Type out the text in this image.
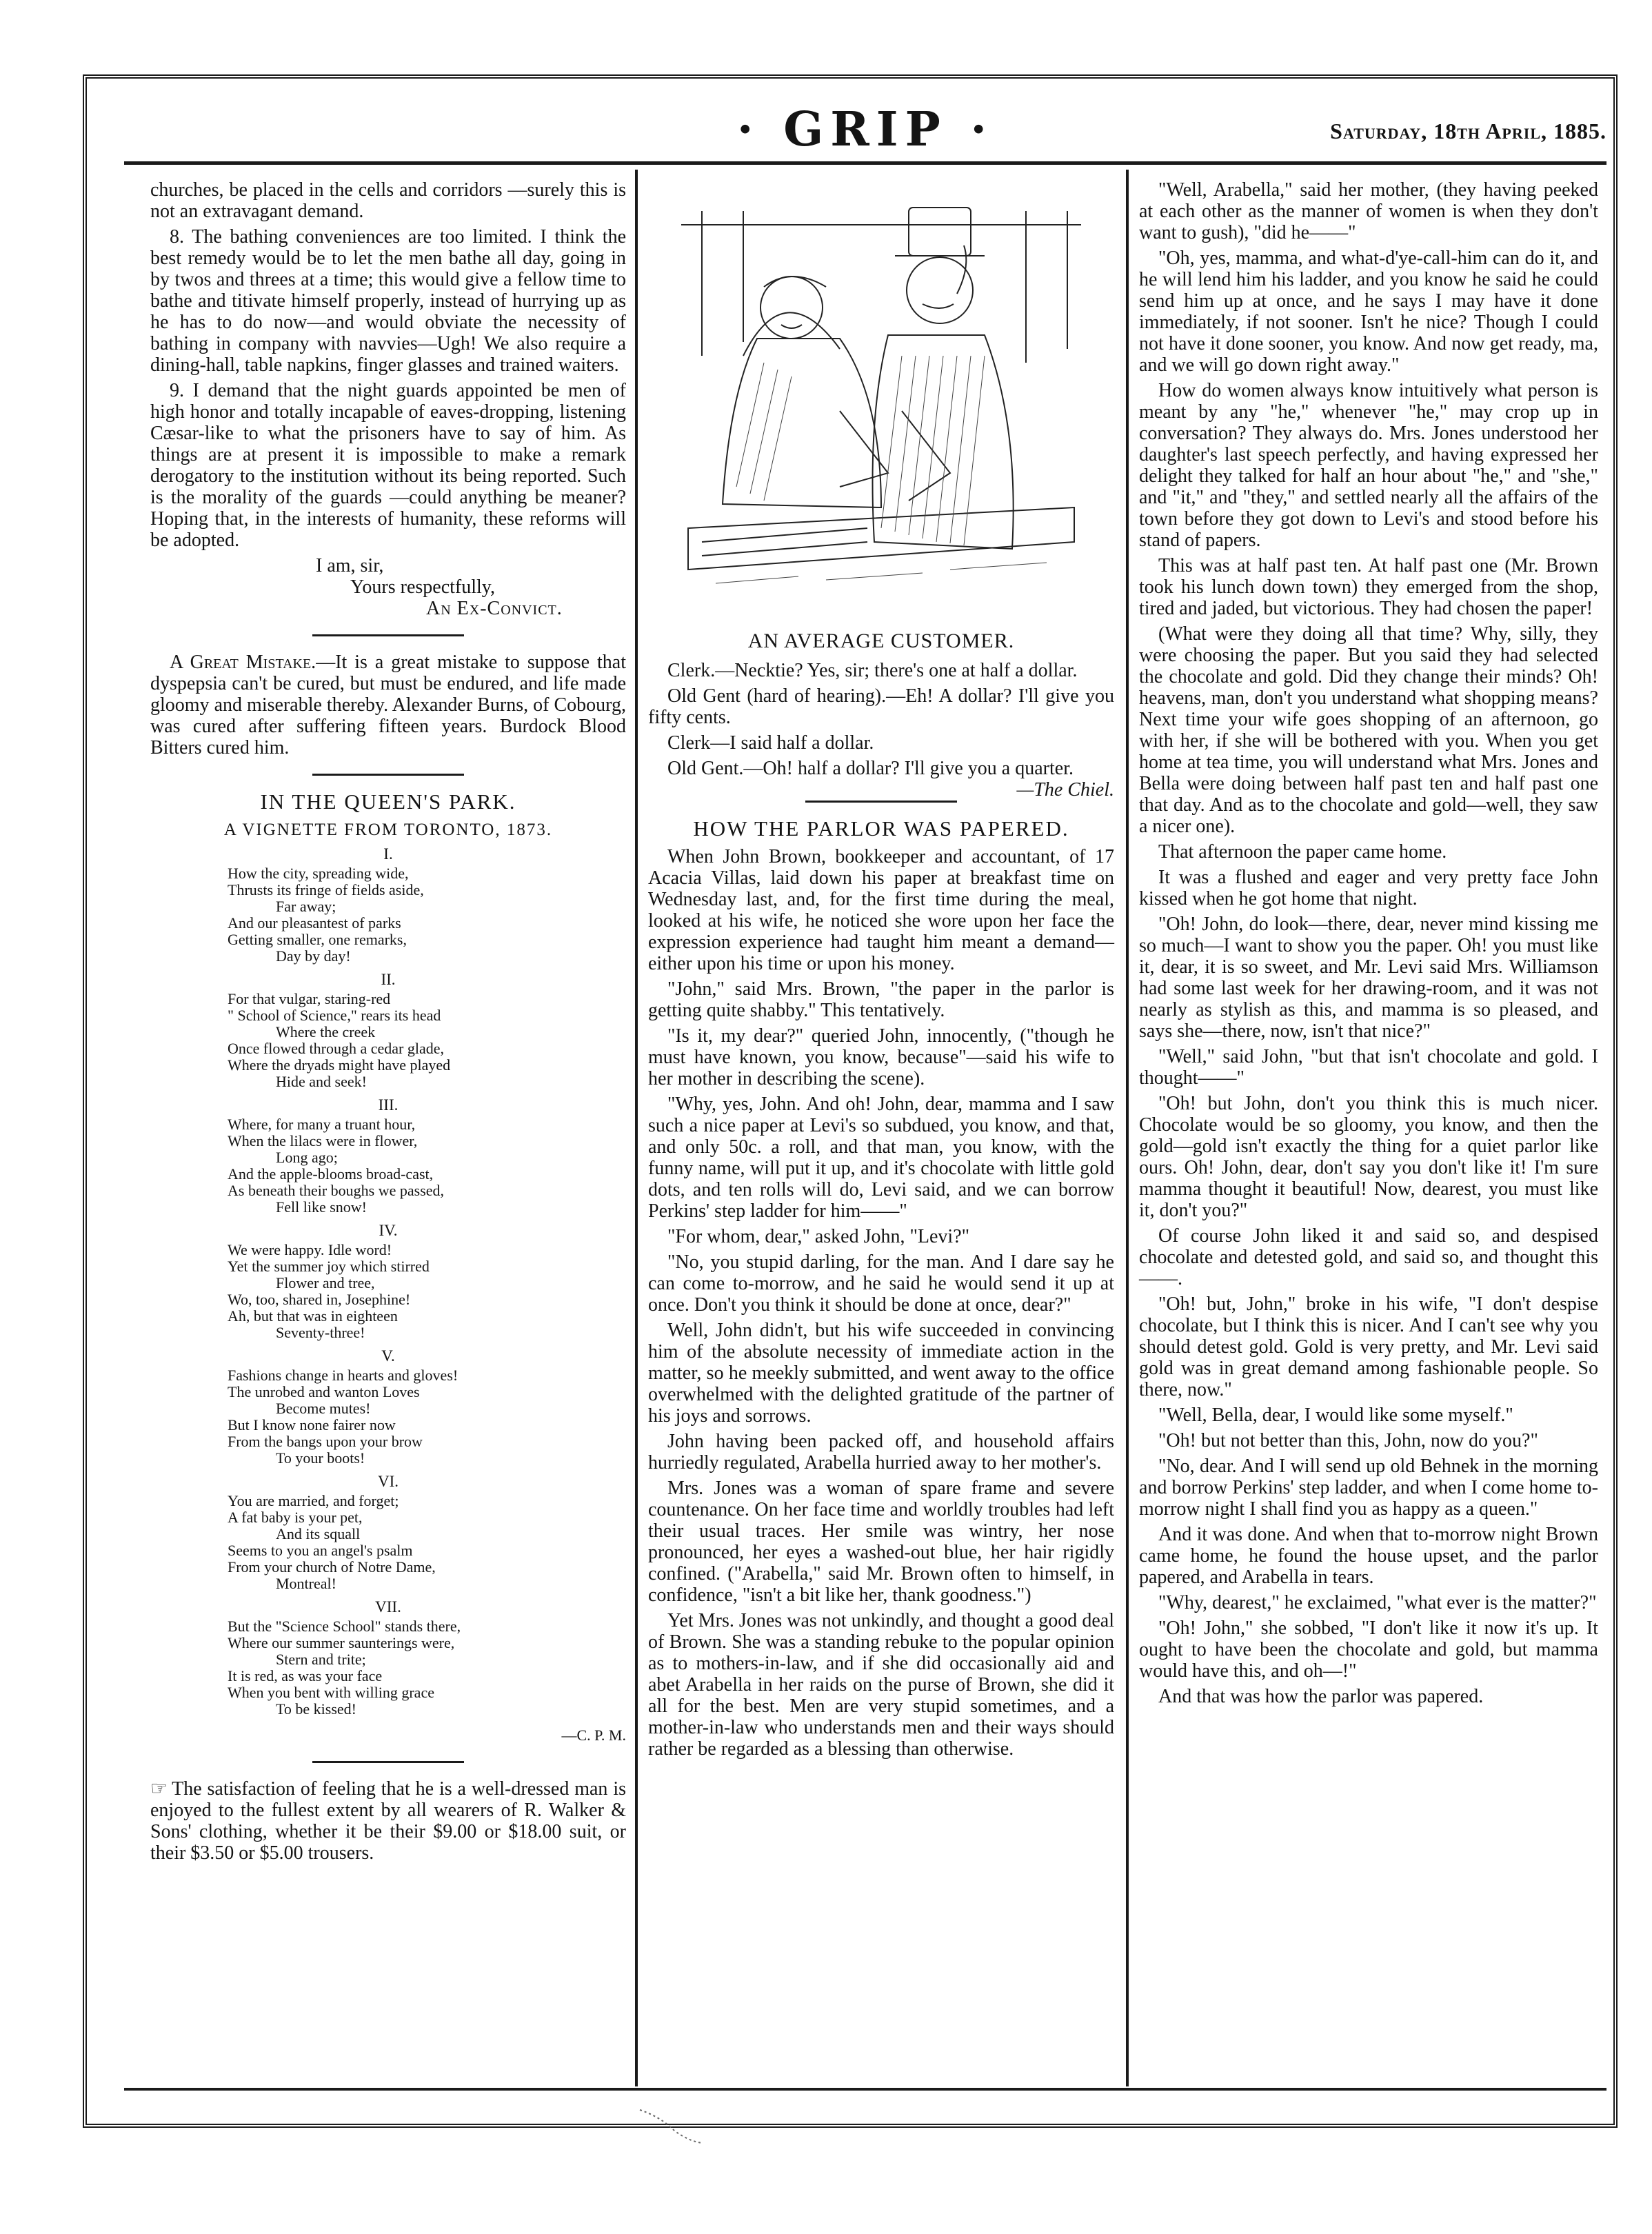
· GRIP ·	Saturday, 18th April, 1885.

churches, be placed in the cells and corridors —surely this is not an extravagant demand.

8. The bathing conveniences are too limited. I think the best remedy would be to let the men bathe all day, going in by twos and threes at a time; this would give a fellow time to bathe and titivate himself properly, instead of hurrying up as he has to do now—and would obviate the necessity of bathing in company with navvies—Ugh! We also require a dining-hall, table napkins, finger glasses and trained waiters.

9. I demand that the night guards appointed be men of high honor and totally incapable of eaves-dropping, listening Cæsar-like to what the prisoners have to say of him. As things are at present it is impossible to make a remark derogatory to the institution without its being reported. Such is the morality of the guards —could anything be meaner? Hoping that, in the interests of humanity, these reforms will be adopted.

I am, sir,
Yours respectfully,
An Ex-Convict.

A Great Mistake.—It is a great mistake to suppose that dyspepsia can't be cured, but must be endured, and life made gloomy and miserable thereby. Alexander Burns, of Cobourg, was cured after suffering fifteen years. Burdock Blood Bitters cured him.

IN THE QUEEN'S PARK.
A VIGNETTE FROM TORONTO, 1873.
I.
How the city, spreading wide,
Thrusts its fringe of fields aside,
Far away;
And our pleasantest of parks
Getting smaller, one remarks,
Day by day!
II.
For that vulgar, staring-red
" School of Science," rears its head
Where the creek
Once flowed through a cedar glade,
Where the dryads might have played
Hide and seek!
III.
Where, for many a truant hour,
When the lilacs were in flower,
Long ago;
And the apple-blooms broad-cast,
As beneath their boughs we passed,
Fell like snow!
IV.
We were happy. Idle word!
Yet the summer joy which stirred
Flower and tree,
Wo, too, shared in, Josephine!
Ah, but that was in eighteen
Seventy-three!
V.
Fashions change in hearts and gloves!
The unrobed and wanton Loves
Become mutes!
But I know none fairer now
From the bangs upon your brow
To your boots!
VI.
You are married, and forget;
A fat baby is your pet,
And its squall
Seems to you an angel's psalm
From your church of Notre Dame,
Montreal!
VII.
But the "Science School" stands there,
Where our summer saunterings were,
Stern and trite;
It is red, as was your face
When you bent with willing grace
To be kissed!
—C. P. M.

☞ The satisfaction of feeling that he is a well-dressed man is enjoyed to the fullest extent by all wearers of R. Walker & Sons' clothing, whether it be their $9.00 or $18.00 suit, or their $3.50 or $5.00 trousers.

AN AVERAGE CUSTOMER.

Clerk.—Necktie? Yes, sir; there's one at half a dollar.

Old Gent (hard of hearing).—Eh! A dollar? I'll give you fifty cents.

Clerk—I said half a dollar.

Old Gent.—Oh! half a dollar? I'll give you a quarter.
—The Chiel.

HOW THE PARLOR WAS PAPERED.

When John Brown, bookkeeper and accountant, of 17 Acacia Villas, laid down his paper at breakfast time on Wednesday last, and, for the first time during the meal, looked at his wife, he noticed she wore upon her face the expression experience had taught him meant a demand—either upon his time or upon his money.

"John," said Mrs. Brown, "the paper in the parlor is getting quite shabby." This tentatively.

"Is it, my dear?" queried John, innocently, ("though he must have known, you know, because"—said his wife to her mother in describing the scene).

"Why, yes, John. And oh! John, dear, mamma and I saw such a nice paper at Levi's so subdued, you know, and that, and only 50c. a roll, and that man, you know, with the funny name, will put it up, and it's chocolate with little gold dots, and ten rolls will do, Levi said, and we can borrow Perkins' step ladder for him——"

"For whom, dear," asked John, "Levi?"

"No, you stupid darling, for the man. And I dare say he can come to-morrow, and he said he would send it up at once. Don't you think it should be done at once, dear?"

Well, John didn't, but his wife succeeded in convincing him of the absolute necessity of immediate action in the matter, so he meekly submitted, and went away to the office overwhelmed with the delighted gratitude of the partner of his joys and sorrows.

John having been packed off, and household affairs hurriedly regulated, Arabella hurried away to her mother's.

Mrs. Jones was a woman of spare frame and severe countenance. On her face time and worldly troubles had left their usual traces. Her smile was wintry, her nose pronounced, her eyes a washed-out blue, her hair rigidly confined. ("Arabella," said Mr. Brown often to himself, in confidence, "isn't a bit like her, thank goodness.")

Yet Mrs. Jones was not unkindly, and thought a good deal of Brown. She was a standing rebuke to the popular opinion as to mothers-in-law, and if she did occasionally aid and abet Arabella in her raids on the purse of Brown, she did it all for the best. Men are very stupid sometimes, and a mother-in-law who understands men and their ways should rather be regarded as a blessing than otherwise.

"Well, Arabella," said her mother, (they having peeked at each other as the manner of women is when they don't want to gush), "did he——"

"Oh, yes, mamma, and what-d'ye-call-him can do it, and he will lend him his ladder, and you know he said he could send him up at once, and he says I may have it done immediately, if not sooner. Isn't he nice? Though I could not have it done sooner, you know. And now get ready, ma, and we will go down right away."

How do women always know intuitively what person is meant by any "he," whenever "he," may crop up in conversation? They always do. Mrs. Jones understood her daughter's last speech perfectly, and having expressed her delight they talked for half an hour about "he," and "she," and "it," and "they," and settled nearly all the affairs of the town before they got down to Levi's and stood before his stand of papers.

This was at half past ten. At half past one (Mr. Brown took his lunch down town) they emerged from the shop, tired and jaded, but victorious. They had chosen the paper!

(What were they doing all that time? Why, silly, they were choosing the paper. But you said they had selected the chocolate and gold. Did they change their minds? Oh! heavens, man, don't you understand what shopping means? Next time your wife goes shopping of an afternoon, go with her, if she will be bothered with you. When you get home at tea time, you will understand what Mrs. Jones and Bella were doing between half past ten and half past one that day. And as to the chocolate and gold—well, they saw a nicer one).

That afternoon the paper came home.

It was a flushed and eager and very pretty face John kissed when he got home that night.

"Oh! John, do look—there, dear, never mind kissing me so much—I want to show you the paper. Oh! you must like it, dear, it is so sweet, and Mr. Levi said Mrs. Williamson had some last week for her drawing-room, and it was not nearly as stylish as this, and mamma is so pleased, and says she—there, now, isn't that nice?"

"Well," said John, "but that isn't chocolate and gold. I thought——"

"Oh! but John, don't you think this is much nicer. Chocolate would be so gloomy, you know, and then the gold—gold isn't exactly the thing for a quiet parlor like ours. Oh! John, dear, don't say you don't like it! I'm sure mamma thought it beautiful! Now, dearest, you must like it, don't you?"

Of course John liked it and said so, and despised chocolate and detested gold, and said so, and thought this——.

"Oh! but, John," broke in his wife, "I don't despise chocolate, but I think this is nicer. And I can't see why you should detest gold. Gold is very pretty, and Mr. Levi said gold was in great demand among fashionable people. So there, now."

"Well, Bella, dear, I would like some myself."

"Oh! but not better than this, John, now do you?"

"No, dear. And I will send up old Behnek in the morning and borrow Perkins' step ladder, and when I come home to-morrow night I shall find you as happy as a queen."

And it was done. And when that to-morrow night Brown came home, he found the house upset, and the parlor papered, and Arabella in tears.

"Why, dearest," he exclaimed, "what ever is the matter?"

"Oh! John," she sobbed, "I don't like it now it's up. It ought to have been the chocolate and gold, but mamma would have this, and oh—!"

And that was how the parlor was papered.
